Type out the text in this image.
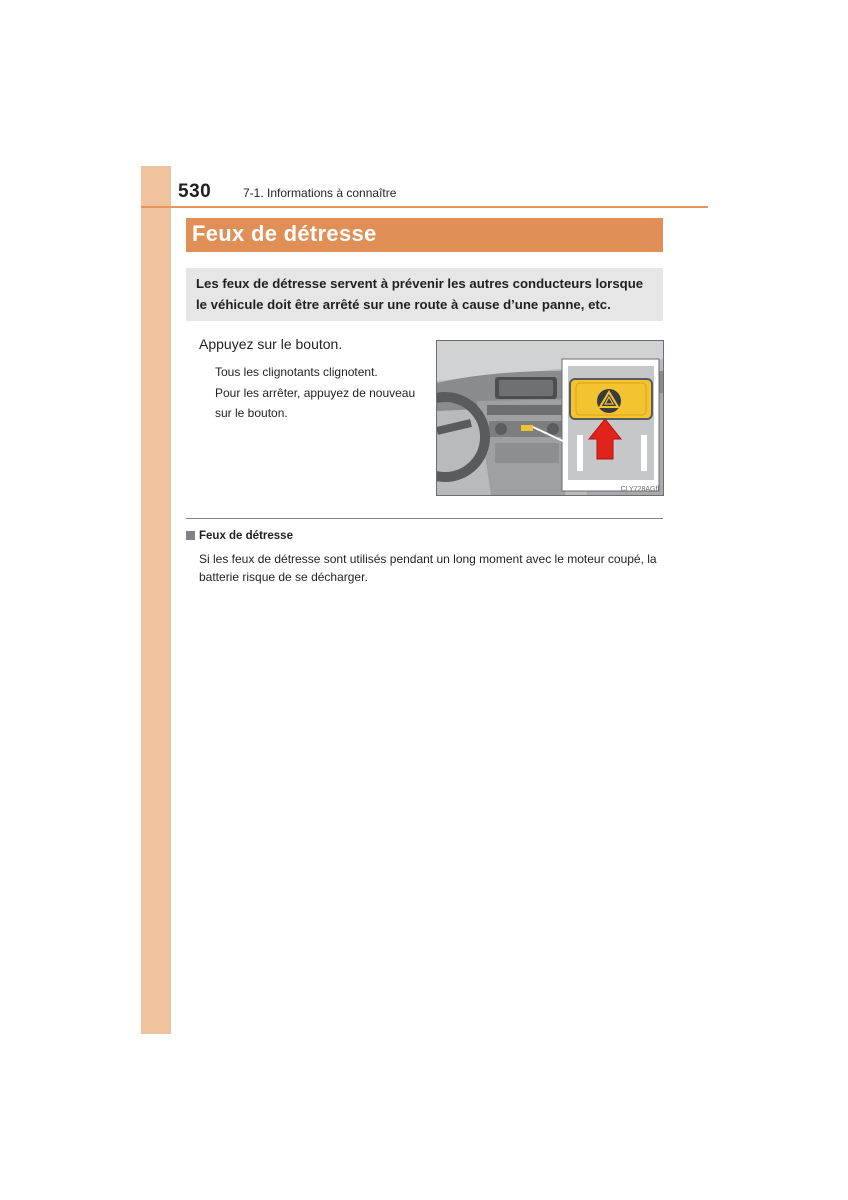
530	7-1. Informations à connaître
Feux de détresse
Les feux de détresse servent à prévenir les autres conducteurs lorsque le véhicule doit être arrêté sur une route à cause d’une panne, etc.
Appuyez sur le bouton.
Tous les clignotants clignotent.
Pour les arrêter, appuyez de nouveau
sur le bouton.
CLY728AGfl
Feux de détresse
Si les feux de détresse sont utilisés pendant un long moment avec le moteur coupé, la batterie risque de se décharger.
